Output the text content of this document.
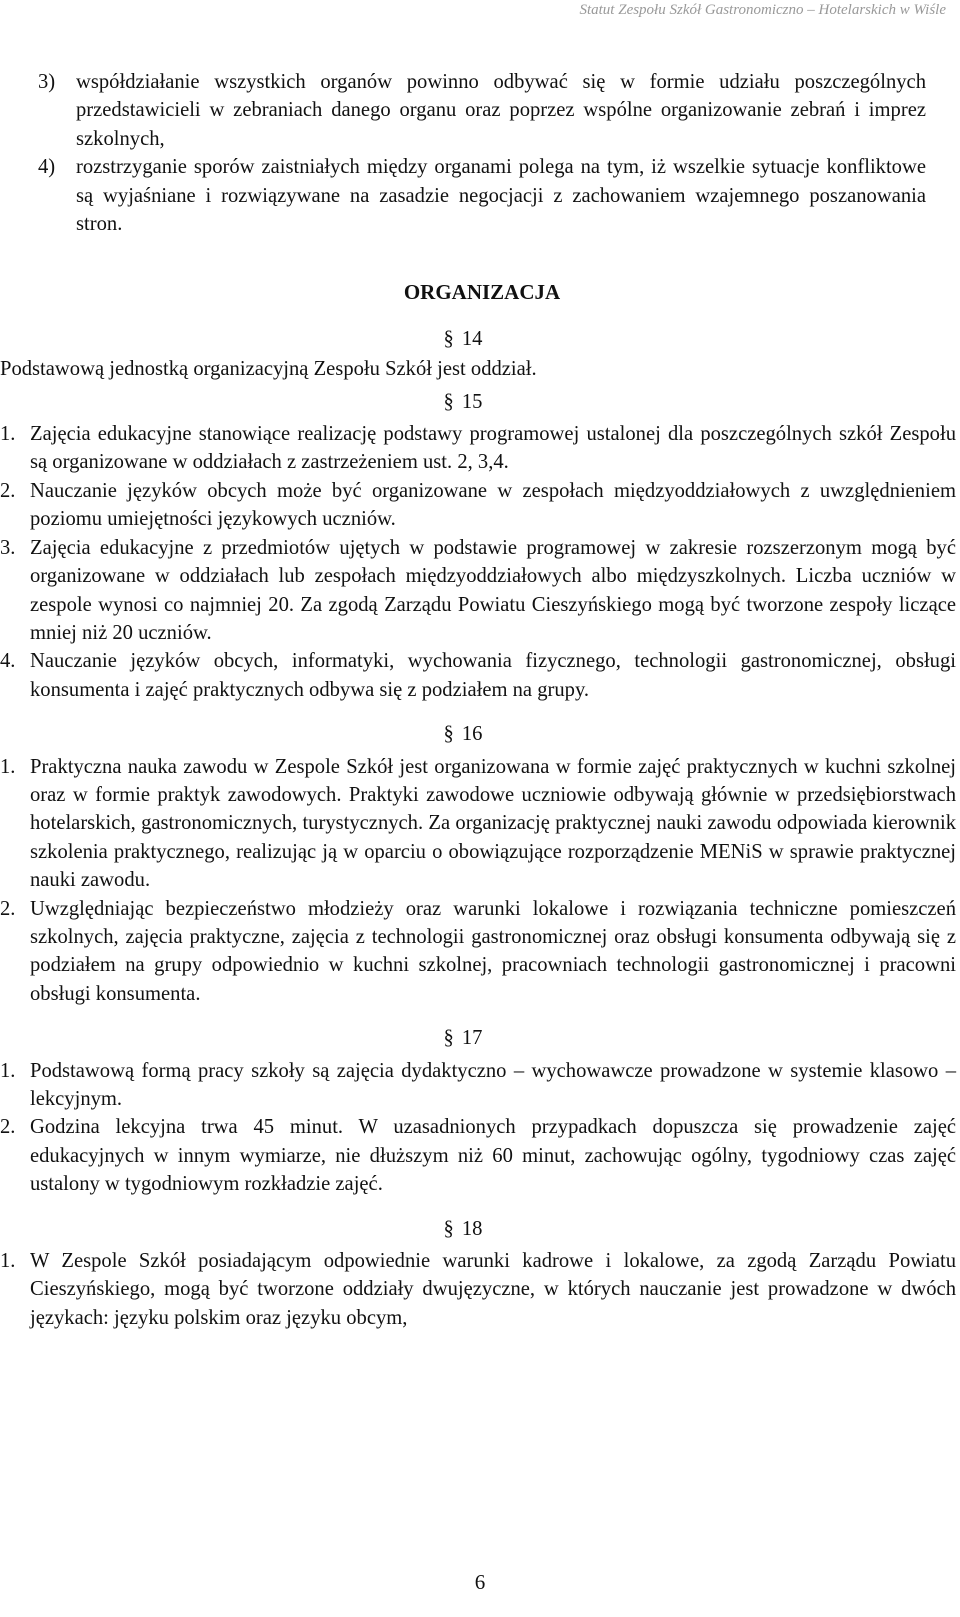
Statut Zespołu Szkół Gastronomiczno – Hotelarskich w Wiśle
3)	współdziałanie wszystkich organów powinno odbywać się w formie udziału poszczególnych przedstawicieli w zebraniach danego organu oraz poprzez wspólne organizowanie zebrań i imprez szkolnych,
4)	rozstrzyganie sporów zaistniałych między organami polega na tym, iż wszelkie sytuacje konfliktowe są wyjaśniane i rozwiązywane na zasadzie negocjacji z zachowaniem wzajemnego poszanowania stron.
ORGANIZACJA
§ 14
Podstawową jednostką organizacyjną Zespołu Szkół jest oddział.
§ 15
1. Zajęcia edukacyjne stanowiące realizację podstawy programowej ustalonej dla poszczególnych szkół Zespołu są organizowane w oddziałach z zastrzeżeniem ust. 2, 3,4.
2. Nauczanie języków obcych może być organizowane w zespołach międzyoddziałowych z uwzględnieniem poziomu umiejętności językowych uczniów.
3. Zajęcia edukacyjne z przedmiotów ujętych w podstawie programowej w zakresie rozszerzonym mogą być organizowane w oddziałach lub zespołach międzyoddziałowych albo międzyszkolnych. Liczba uczniów w zespole wynosi co najmniej 20. Za zgodą Zarządu Powiatu Cieszyńskiego mogą być tworzone zespoły liczące mniej niż 20 uczniów.
4. Nauczanie języków obcych, informatyki, wychowania fizycznego, technologii gastronomicznej, obsługi konsumenta i zajęć praktycznych odbywa się z podziałem na grupy.
§ 16
1. Praktyczna nauka zawodu w Zespole Szkół jest organizowana w formie zajęć praktycznych w kuchni szkolnej oraz w formie praktyk zawodowych. Praktyki zawodowe uczniowie odbywają głównie w przedsiębiorstwach hotelarskich, gastronomicznych, turystycznych. Za organizację praktycznej nauki zawodu odpowiada kierownik szkolenia praktycznego, realizując ją w oparciu o obowiązujące rozporządzenie MENiS w sprawie praktycznej nauki zawodu.
2. Uwzględniając bezpieczeństwo młodzieży oraz warunki lokalowe i rozwiązania techniczne pomieszczeń szkolnych, zajęcia praktyczne, zajęcia z technologii gastronomicznej oraz obsługi konsumenta odbywają się z podziałem na grupy odpowiednio w kuchni szkolnej, pracowniach technologii gastronomicznej i pracowni obsługi konsumenta.
§ 17
1. Podstawową formą pracy szkoły są zajęcia dydaktyczno – wychowawcze prowadzone w systemie klasowo – lekcyjnym.
2. Godzina lekcyjna trwa 45 minut. W uzasadnionych przypadkach dopuszcza się prowadzenie zajęć edukacyjnych w innym wymiarze, nie dłuższym niż 60 minut, zachowując ogólny, tygodniowy czas zajęć ustalony w tygodniowym rozkładzie zajęć.
§ 18
1. W Zespole Szkół posiadającym odpowiednie warunki kadrowe i lokalowe, za zgodą Zarządu Powiatu Cieszyńskiego, mogą być tworzone oddziały dwujęzyczne, w których nauczanie jest prowadzone w dwóch językach: języku polskim oraz języku obcym,
6
